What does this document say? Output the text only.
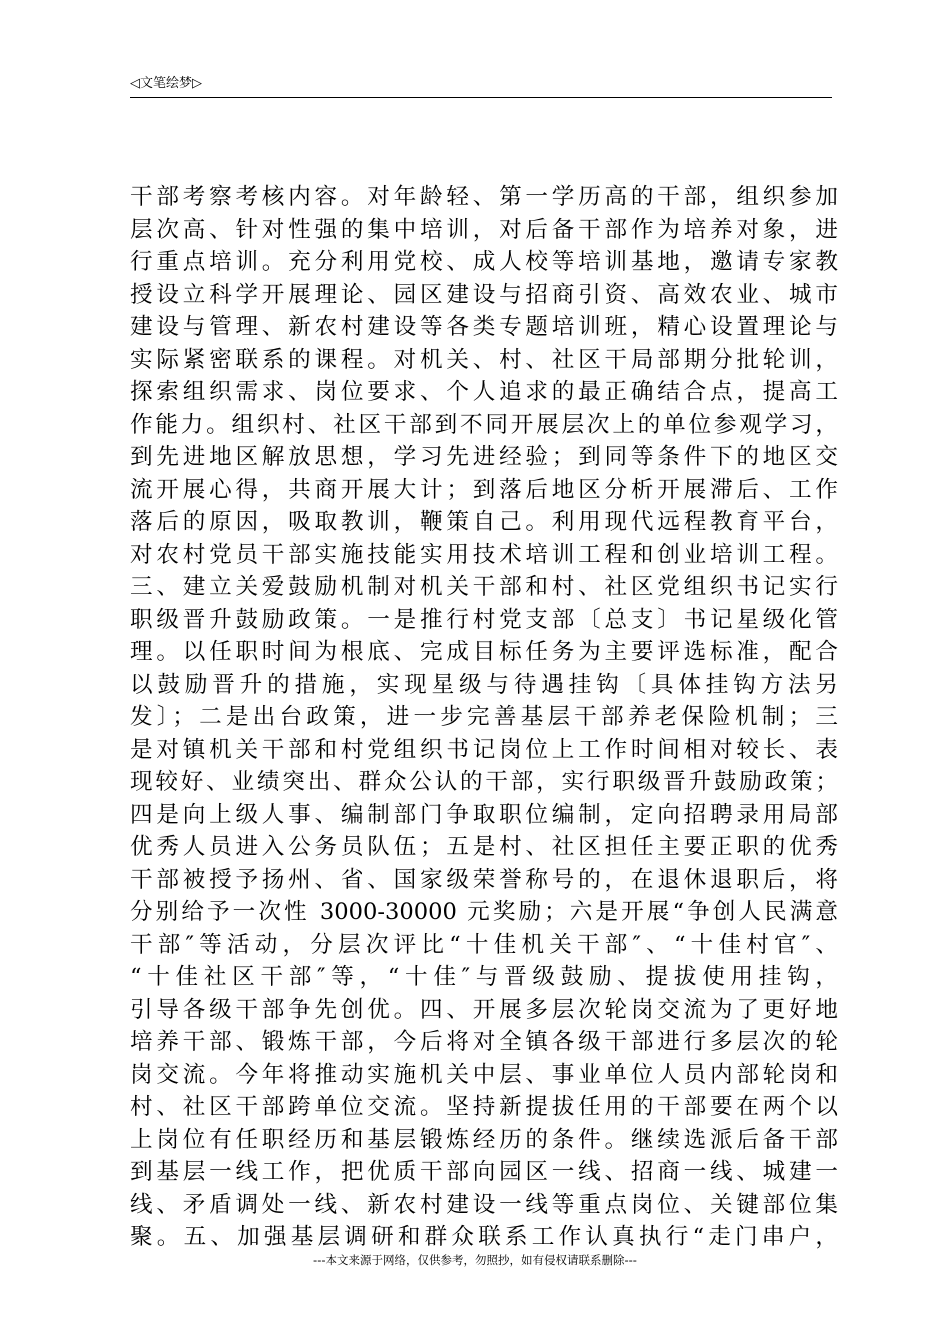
◁文笔绘梦▷
干部考察考核内容。对年龄轻、第一学历高的干部，组织参加
层次高、针对性强的集中培训，对后备干部作为培养对象，进
行重点培训。充分利用党校、成人校等培训基地，邀请专家教
授设立科学开展理论、园区建设与招商引资、高效农业、城市
建设与管理、新农村建设等各类专题培训班，精心设置理论与
实际紧密联系的课程。对机关、村、社区干局部期分批轮训，
探索组织需求、岗位要求、个人追求的最正确结合点，提高工
作能力。组织村、社区干部到不同开展层次上的单位参观学习，
到先进地区解放思想，学习先进经验；到同等条件下的地区交
流开展心得，共商开展大计；到落后地区分析开展滞后、工作
落后的原因，吸取教训，鞭策自己。利用现代远程教育平台，
对农村党员干部实施技能实用技术培训工程和创业培训工程。
三、建立关爱鼓励机制对机关干部和村、社区党组织书记实行
职级晋升鼓励政策。一是推行村党支部〔总支〕书记星级化管
理。以任职时间为根底、完成目标任务为主要评选标准，配合
以鼓励晋升的措施，实现星级与待遇挂钩〔具体挂钩方法另
发〕；二是出台政策，进一步完善基层干部养老保险机制；三
是对镇机关干部和村党组织书记岗位上工作时间相对较长、表
现较好、业绩突出、群众公认的干部，实行职级晋升鼓励政策；
四是向上级人事、编制部门争取职位编制，定向招聘录用局部
优秀人员进入公务员队伍；五是村、社区担任主要正职的优秀
干部被授予扬州、省、国家级荣誉称号的，在退休退职后，将
分别给予一次性 3000-30000 元奖励；六是开展“争创人民满意
干部″等活动，分层次评比“十佳机关干部″、“十佳村官″、
“十佳社区干部″等，“十佳″与晋级鼓励、提拔使用挂钩，
引导各级干部争先创优。四、开展多层次轮岗交流为了更好地
培养干部、锻炼干部，今后将对全镇各级干部进行多层次的轮
岗交流。今年将推动实施机关中层、事业单位人员内部轮岗和
村、社区干部跨单位交流。坚持新提拔任用的干部要在两个以
上岗位有任职经历和基层锻炼经历的条件。继续选派后备干部
到基层一线工作，把优质干部向园区一线、招商一线、城建一
线、矛盾调处一线、新农村建设一线等重点岗位、关键部位集
聚。五、加强基层调研和群众联系工作认真执行“走门串户，
---本文来源于网络，仅供参考，勿照抄，如有侵权请联系删除---
